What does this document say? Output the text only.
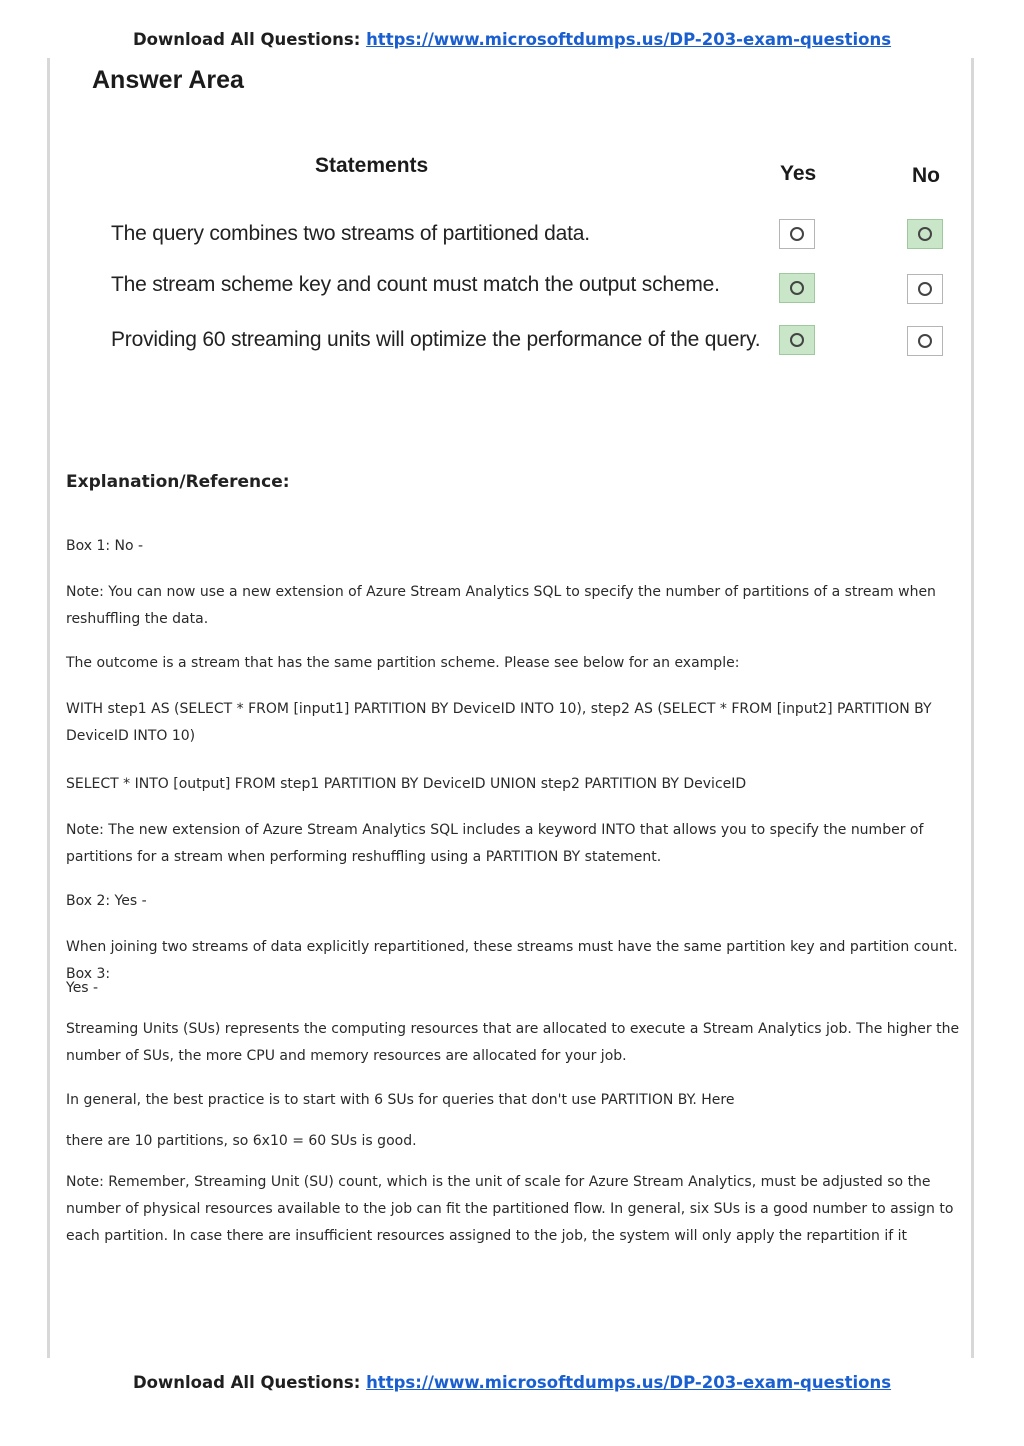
Download All Questions: https://www.microsoftdumps.us/DP-203-exam-questions
Answer Area
Statements	Yes	No
The query combines two streams of partitioned data.
The stream scheme key and count must match the output scheme.
Providing 60 streaming units will optimize the performance of the query.
Explanation/Reference:
Box 1: No -
Note: You can now use a new extension of Azure Stream Analytics SQL to specify the number of partitions of a stream when reshuffling the data.
The outcome is a stream that has the same partition scheme. Please see below for an example:
WITH step1 AS (SELECT * FROM [input1] PARTITION BY DeviceID INTO 10), step2 AS (SELECT * FROM [input2] PARTITION BY DeviceID INTO 10)
SELECT * INTO [output] FROM step1 PARTITION BY DeviceID UNION step2 PARTITION BY DeviceID
Note: The new extension of Azure Stream Analytics SQL includes a keyword INTO that allows you to specify the number of partitions for a stream when performing reshuffling using a PARTITION BY statement.
Box 2: Yes -
When joining two streams of data explicitly repartitioned, these streams must have the same partition key and partition count. Box 3:
Yes -
Streaming Units (SUs) represents the computing resources that are allocated to execute a Stream Analytics job. The higher the number of SUs, the more CPU and memory resources are allocated for your job.
In general, the best practice is to start with 6 SUs for queries that don't use PARTITION BY. Here
there are 10 partitions, so 6x10 = 60 SUs is good.
Note: Remember, Streaming Unit (SU) count, which is the unit of scale for Azure Stream Analytics, must be adjusted so the number of physical resources available to the job can fit the partitioned flow. In general, six SUs is a good number to assign to each partition. In case there are insufficient resources assigned to the job, the system will only apply the repartition if it
Download All Questions: https://www.microsoftdumps.us/DP-203-exam-questions
